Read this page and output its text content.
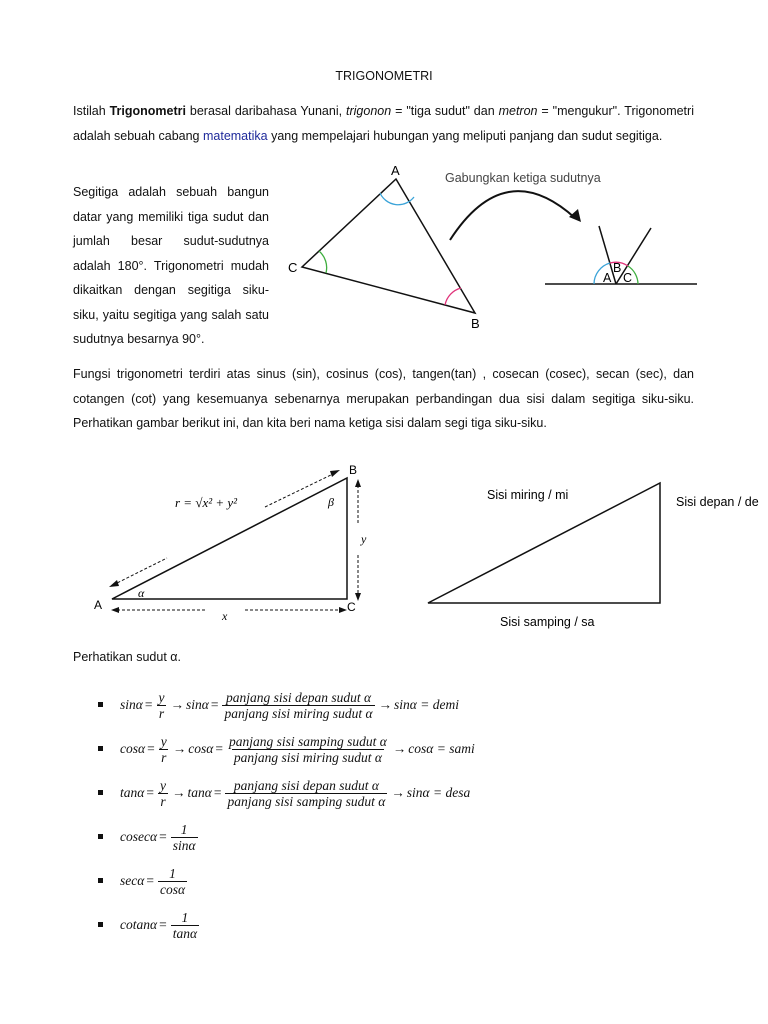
TRIGONOMETRI

Istilah Trigonometri berasal daribahasa Yunani, trigonon = "tiga sudut" dan metron = "mengukur". Trigonometri adalah sebuah cabang matematika yang mempelajari hubungan yang meliputi panjang dan sudut segitiga.

Segitiga adalah sebuah bangun datar yang memiliki tiga sudut dan jumlah besar sudut-sudutnya adalah 180°. Trigonometri mudah dikaitkan dengan segitiga siku-siku, yaitu segitiga yang salah satu sudutnya besarnya 90°.

A
C
B
Gabungkan ketiga sudutnya
A
B
C

Fungsi trigonometri terdiri atas sinus (sin), cosinus (cos), tangen(tan) , cosecan (cosec), secan (sec), dan cotangen (cot) yang kesemuanya sebenarnya merupakan perbandingan dua sisi dalam segitiga siku-siku. Perhatikan gambar berikut ini, dan kita beri nama ketiga sisi dalam segi tiga siku-siku.

A
B
C
α
β
x
y
r = √x² + y²	Sisi miring / mi	Sisi depan / de
Sisi samping / sa
Perhatikan sudut α.
$\sin\alpha = \frac{y}{r} \to \sin\alpha = \frac{\text{panjang sisi depan sudut α}}{\text{panjang sisi miring sudut α}} \to \sin\alpha$ = demi
$\cos\alpha = \frac{y}{r} \to \cos\alpha = \frac{\text{panjang sisi samping sudut α}}{\text{panjang sisi miring sudut α}} \to \cos\alpha$ = sami
$\tan\alpha = \frac{y}{r} \to \tan\alpha = \frac{\text{panjang sisi depan sudut α}}{\text{panjang sisi samping sudut α}} \to \sin\alpha$ = desa
$cosec\alpha = \frac{1}{\sin\alpha}$
$\sec\alpha = \frac{1}{\cos\alpha}$
$cotan\alpha = \frac{1}{\tan\alpha}$
